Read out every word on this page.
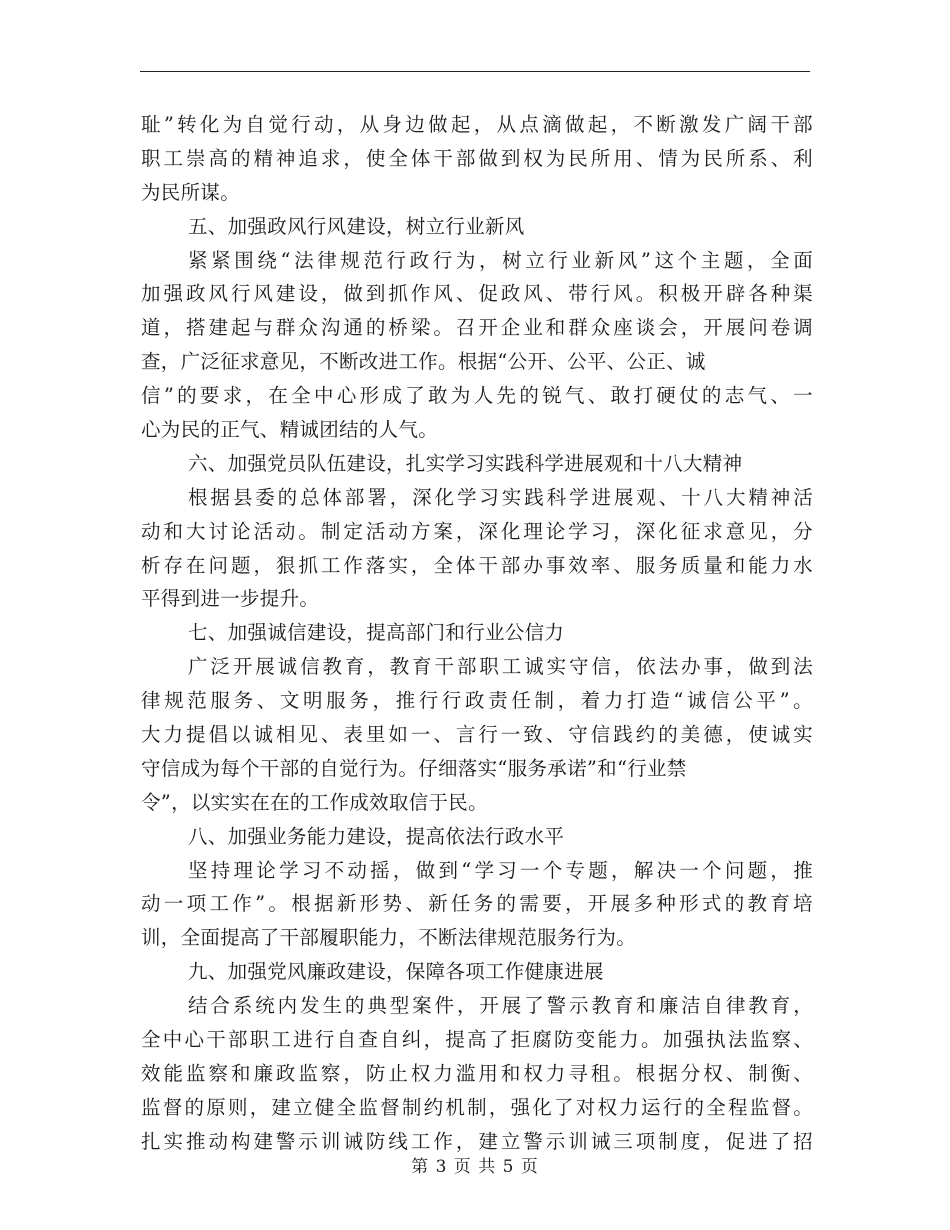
耻”转化为自觉行动，从身边做起，从点滴做起，不断激发广阔干部
职工崇高的精神追求，使全体干部做到权为民所用、情为民所系、利
为民所谋。
五、加强政风行风建设，树立行业新风
紧紧围绕“法律规范行政行为，树立行业新风”这个主题，全面
加强政风行风建设，做到抓作风、促政风、带行风。积极开辟各种渠
道，搭建起与群众沟通的桥梁。召开企业和群众座谈会，开展问卷调
查，广泛征求意见，不断改进工作。根据“公开、公平、公正、诚
信”的要求，在全中心形成了敢为人先的锐气、敢打硬仗的志气、一
心为民的正气、精诚团结的人气。
六、加强党员队伍建设，扎实学习实践科学进展观和十八大精神
根据县委的总体部署，深化学习实践科学进展观、十八大精神活
动和大讨论活动。制定活动方案，深化理论学习，深化征求意见，分
析存在问题，狠抓工作落实，全体干部办事效率、服务质量和能力水
平得到进一步提升。
七、加强诚信建设，提高部门和行业公信力
广泛开展诚信教育，教育干部职工诚实守信，依法办事，做到法
律规范服务、文明服务，推行行政责任制，着力打造“诚信公平”。
大力提倡以诚相见、表里如一、言行一致、守信践约的美德，使诚实
守信成为每个干部的自觉行为。仔细落实“服务承诺”和“行业禁
令”，以实实在在的工作成效取信于民。
八、加强业务能力建设，提高依法行政水平
坚持理论学习不动摇，做到“学习一个专题，解决一个问题，推
动一项工作”。根据新形势、新任务的需要，开展多种形式的教育培
训，全面提高了干部履职能力，不断法律规范服务行为。
九、加强党风廉政建设，保障各项工作健康进展
结合系统内发生的典型案件，开展了警示教育和廉洁自律教育，
全中心干部职工进行自查自纠，提高了拒腐防变能力。加强执法监察、
效能监察和廉政监察，防止权力滥用和权力寻租。根据分权、制衡、
监督的原则，建立健全监督制约机制，强化了对权力运行的全程监督。
扎实推动构建警示训诫防线工作，建立警示训诫三项制度，促进了招
第 3 页 共 5 页
